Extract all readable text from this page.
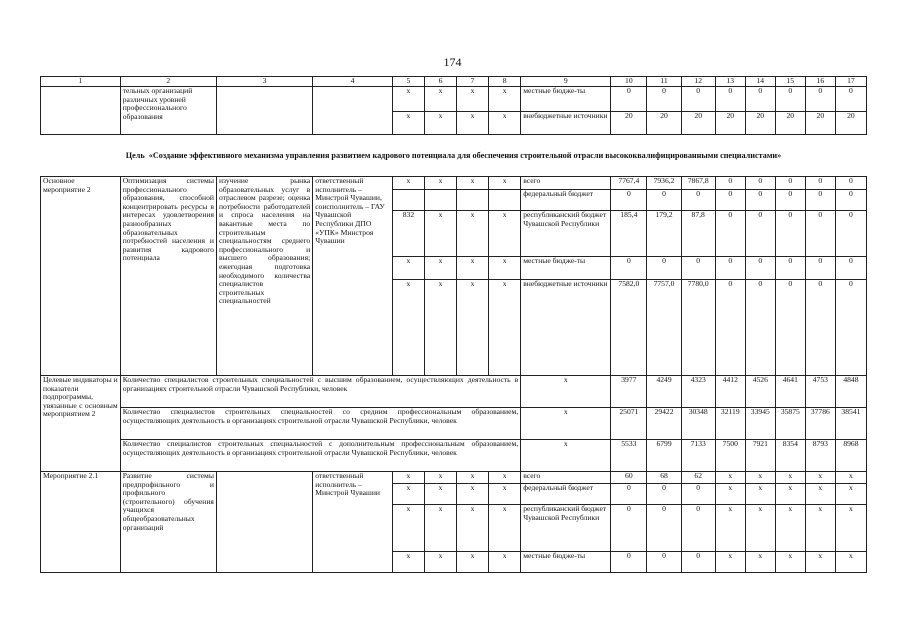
174
1	2	3	4	5	6	7	8	9	10	11	12	13	14	15	16	17

	тельных организаций
различных уровней
профессионального
образования			х	х	х	х	местные бюдже-ты	0	0	0	0	0	0	0	0
				х	х	х	х	внебюджетные источники	20	20	20	20	20	20	20	20
Цель «Создание эффективного механизма управления развитием кадрового потенциала для обеспечения строительной отрасли высококвалифицированными специалистами»
Основное мероприятие 2	Оптимизация системы профессионального образования, способной концентрировать ресурсы в интересах удовлетворения разнообразных образовательных потребностей населения и развития кадрового потенциала	изучение рынка образовательных услуг в отраслевом разрезе; оценка потребности работодателей и спроса населения на вакантные места по строительным специальностям среднего профессионального и высшего образования; ежегодная подготовка необходимого количества специалистов строительных специальностей	ответственный исполнитель – Минстрой Чувашии, соисполнитель – ГАУ Чувашской Республики ДПО «УПК» Минстроя Чувашии	х	х	х	х	всего	7767,4	7936,2	7867,8	0	0	0	0	0
								федеральный бюджет	0	0	0	0	0	0	0	0
				832	х	х	х	республиканский бюджет Чувашской Республики	185,4	179,2	87,8	0	0	0	0	0
				х	х	х	х	местные бюдже-ты	0	0	0	0	0	0	0	0
				х	х	х	х	внебюджетные источники	7582,0	7757,0	7780,0	0	0	0	0	0
Целевые индикаторы и показатели подпрограммы, увязанные с основным мероприятием 2	Количество специалистов строительных специальностей с высшим образованием, осуществляющих деятельность в организациях строительной отрасли Чувашской Республики, человек							х	3977	4249	4323	4412	4526	4641	4753	4848
	Количество специалистов строительных специальностей со средним профессиональным образованием, осуществляющих деятельность в организациях строительной отрасли Чувашской Республики, человек							х	25071	29422	30348	32119	33945	35875	37786	38541
	Количество специалистов строительных специальностей с дополнительным профессиональным образованием, осуществляющих деятельность в организациях строительной отрасли Чувашской Республики, человек							х	5533	6799	7133	7500	7921	8354	8793	8968
Мероприятие 2.1	Развитие системы предпрофильного и профильного (строительного) обучения учащихся общеобразовательных организаций		ответственный исполнитель – Минстрой Чувашии	х	х	х	х	всего	60	68	62	х	х	х	х	х
				х	х	х	х	федеральный бюджет	0	0	0	х	х	х	х	х
				х	х	х	х	республиканский бюджет Чувашской Республики	0	0	0	х	х	х	х	х
				х	х	х	х	местные бюдже-ты	0	0	0	х	х	х	х	х
